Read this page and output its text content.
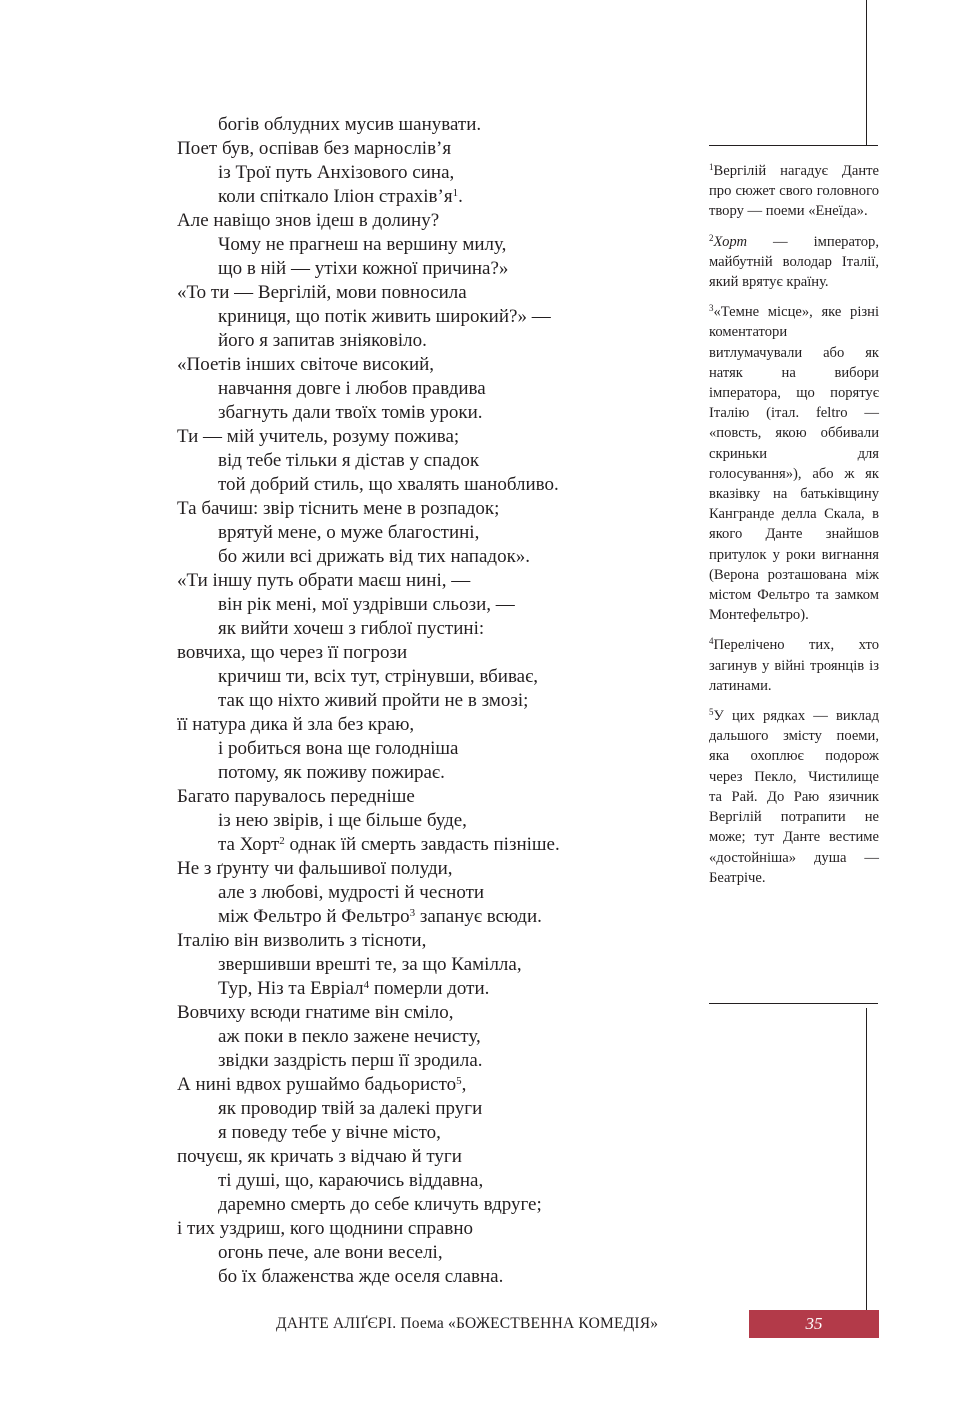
богів облудних мусив шанувати.
Поет був, оспівав без марнослів’я
із Трої путь Анхізового сина,
коли спіткало Іліон $страхів’я^1$.
Але навіщо знов ідеш в долину?
Чому не прагнеш на вершину милу,
що в ній — утіхи кожної причина?»
«То ти — Вергілій, мови повносила
криниця, що потік живить широкий?» —
його я запитав зніяковіло.
«Поетів інших світоче високий,
навчання довге і любов правдива
збагнуть дали твоїх томів уроки.
Ти — мій учитель, розуму пожива;
від тебе тільки я дістав у спадок
той добрий стиль, що хвалять шанобливо.
Та бачиш: звір тіснить мене в розпадок;
врятуй мене, о муже благостині,
бо жили всі дрижать від тих нападок».
«Ти іншу путь обрати маєш нині, —
він рік мені, мої уздрівши сльози, —
як вийти хочеш з гиблої пустині:
вовчиха, що через її погрози
кричиш ти, всіх тут, стрінувши, вбиває,
так що ніхто живий пройти не в змозі;
її натура дика й зла без краю,
і робиться вона ще голодніша
потому, як поживу пожирає.
Багато парувалось передніше
із нею звірів, і ще більше буде,
та Хорт$^2$ однак їй смерть завдасть пізніше.
Не з ґрунту чи фальшивої полуди,
але з любові, мудрості й чесноти
між Фельтро й Фельтро$^3$ запанує всюди.
Італію він визволить з тісноти,
звершивши врешті те, за що Камілла,
Тур, Ніз та Евріал$^4$ померли доти.
Вовчиху всюди гнатиме він сміло,
аж поки в пекло зажене нечисту,
звідки заздрість перш її зродила.
А нині вдвох рушаймо бадьористо$^5$,
як проводир твій за далекі пруги
я поведу тебе у вічне місто,
почуєш, як кричать з відчаю й туги
ті душі, що, караючись віддавна,
даремно смерть до себе кличуть вдруге;
і тих уздриш, кого щоднини справно
огонь пече, але вони веселі,
бо їх блаженства жде оселя славна.
$^1$Вергілій нагадує Данте про сюжет свого головного твору — поеми «Енеїда».
$^2$Хорт — імператор, майбутній володар Італії, який врятує країну.
$^3$«Темне місце», яке різні коментатори витлумачували або як натяк на вибори імператора, що порятує Італію (італ. feltro — «повсть, якою оббивали скриньки для голосування»), або ж як вказівку на батьківщину Кангранде делла Скала, в якого Данте знайшов притулок у роки вигнання (Верона розташована між містом Фельтро та замком Монтефельтро).
$^4$Перелічено тих, хто загинув у війні троянців із латинами.
$^5$У цих рядках — виклад дальшого змісту поеми, яка охоплює подорож через Пекло, Чистилище та Рай. До Раю язичник Вергілій потрапити не може; тут Данте вестиме «достойніша» душа — Беатріче.
ДАНТЕ АЛІҐЄРІ. Поема «БОЖЕСТВЕННА КОМЕДІЯ»	35
